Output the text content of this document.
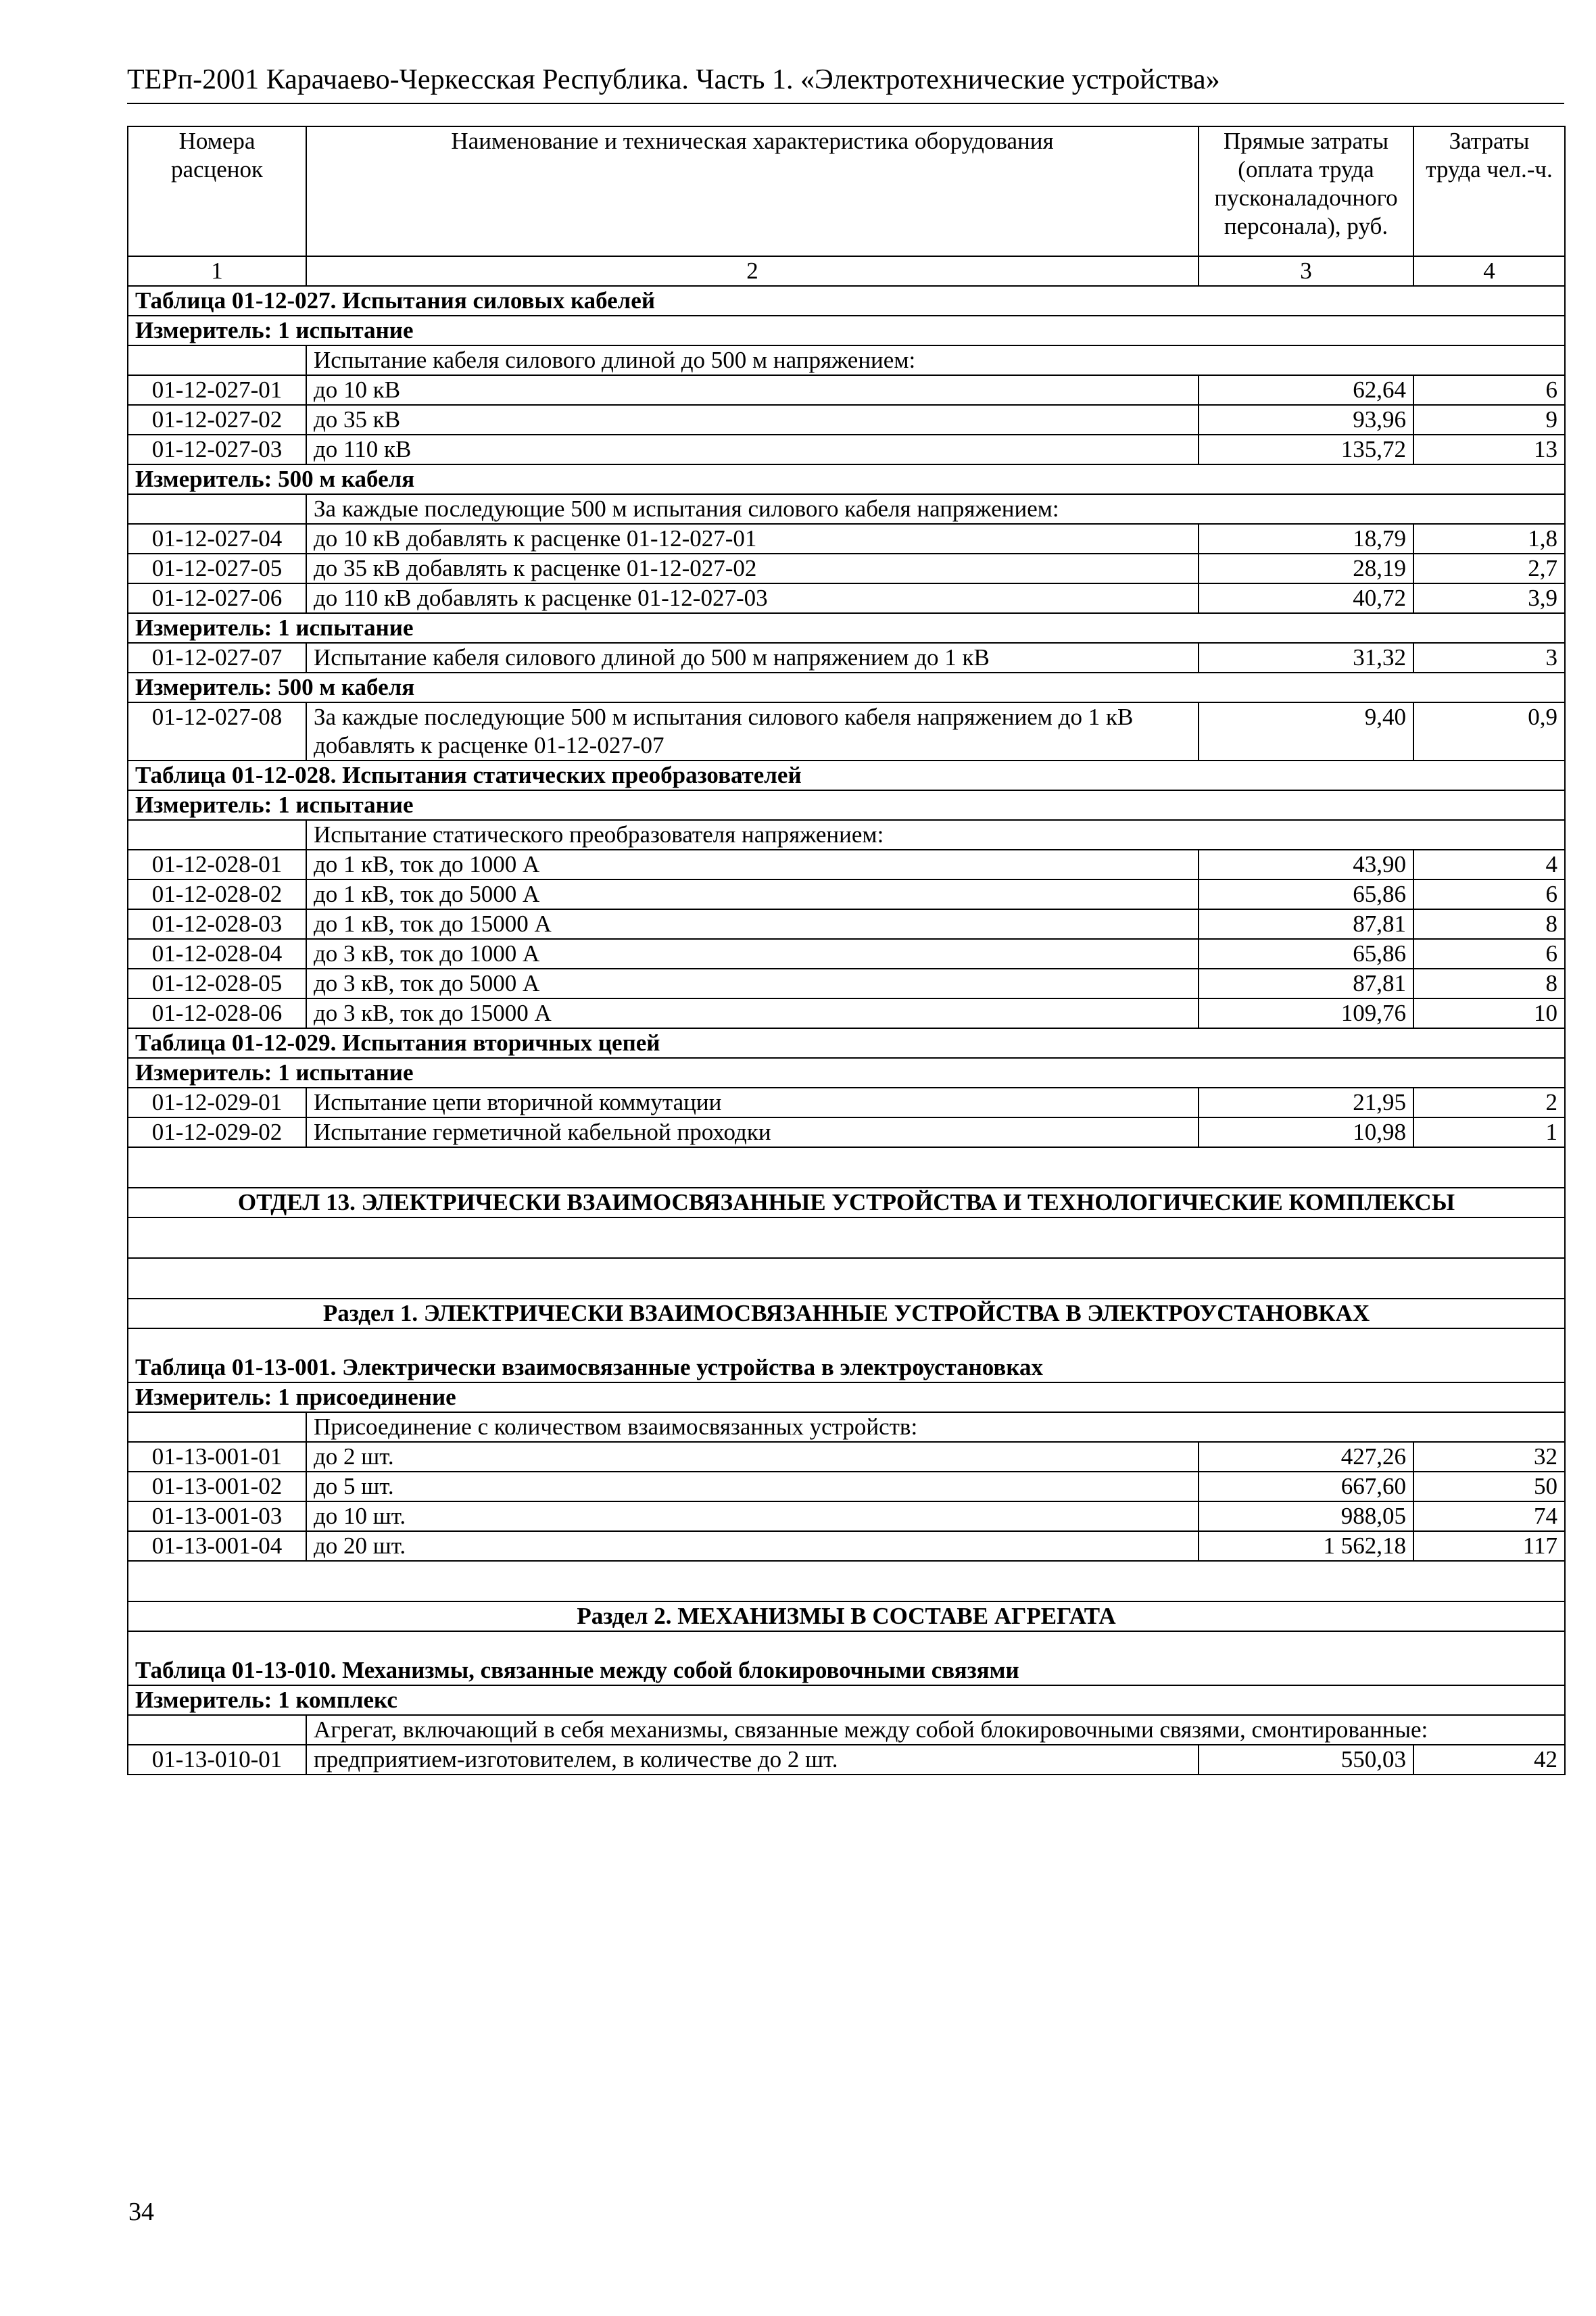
ТЕРп-2001 Карачаево-Черкесская Республика. Часть 1. «Электротехнические устройства»
Номера расценок	Наименование и техническая характеристика оборудования	Прямые затраты (оплата труда пусконаладочного персонала), руб.	Затраты труда чел.-ч.
1	2	3	4
Таблица 01-12-027. Испытания силовых кабелей			
Измеритель: 1 испытание			
	Испытание кабеля силового длиной до 500 м напряжением:		
01-12-027-01	до 10 кВ	62,64	6
01-12-027-02	до 35 кВ	93,96	9
01-12-027-03	до 110 кВ	135,72	13
Измеритель: 500 м кабеля			
	За каждые последующие 500 м испытания силового кабеля напряжением:		
01-12-027-04	до 10 кВ добавлять к расценке 01-12-027-01	18,79	1,8
01-12-027-05	до 35 кВ добавлять к расценке 01-12-027-02	28,19	2,7
01-12-027-06	до 110 кВ добавлять к расценке 01-12-027-03	40,72	3,9
Измеритель: 1 испытание			
01-12-027-07	Испытание кабеля силового длиной до 500 м напряжением до 1 кВ	31,32	3
Измеритель: 500 м кабеля			
01-12-027-08	За каждые последующие 500 м испытания силового кабеля напряжением до 1 кВ добавлять к расценке 01-12-027-07	9,40	0,9
Таблица 01-12-028. Испытания статических преобразователей			
Измеритель: 1 испытание			
	Испытание статического преобразователя напряжением:		
01-12-028-01	до 1 кВ, ток до 1000 А	43,90	4
01-12-028-02	до 1 кВ, ток до 5000 А	65,86	6
01-12-028-03	до 1 кВ, ток до 15000 А	87,81	8
01-12-028-04	до 3 кВ, ток до 1000 А	65,86	6
01-12-028-05	до 3 кВ, ток до 5000 А	87,81	8
01-12-028-06	до 3 кВ, ток до 15000 А	109,76	10
Таблица 01-12-029. Испытания вторичных цепей			
Измеритель: 1 испытание			
01-12-029-01	Испытание цепи вторичной коммутации	21,95	2
01-12-029-02	Испытание герметичной кабельной проходки	10,98	1

ОТДЕЛ 13. ЭЛЕКТРИЧЕСКИ ВЗАИМОСВЯЗАННЫЕ УСТРОЙСТВА И ТЕХНОЛОГИЧЕСКИЕ КОМПЛЕКСЫ			

Раздел 1. ЭЛЕКТРИЧЕСКИ ВЗАИМОСВЯЗАННЫЕ УСТРОЙСТВА В ЭЛЕКТРОУСТАНОВКАХ			
Таблица 01-13-001. Электрически взаимосвязанные устройства в электроустановках			
Измеритель: 1 присоединение			
	Присоединение с количеством взаимосвязанных устройств:		
01-13-001-01	до 2 шт.	427,26	32
01-13-001-02	до 5 шт.	667,60	50
01-13-001-03	до 10 шт.	988,05	74
01-13-001-04	до 20 шт.	1 562,18	117

Раздел 2. МЕХАНИЗМЫ В СОСТАВЕ АГРЕГАТА			
Таблица 01-13-010. Механизмы, связанные между собой блокировочными связями			
Измеритель: 1 комплекс			
	Агрегат, включающий в себя механизмы, связанные между собой блокировочными связями, смонтированные:		
01-13-010-01	предприятием-изготовителем, в количестве до 2 шт.	550,03	42
34
